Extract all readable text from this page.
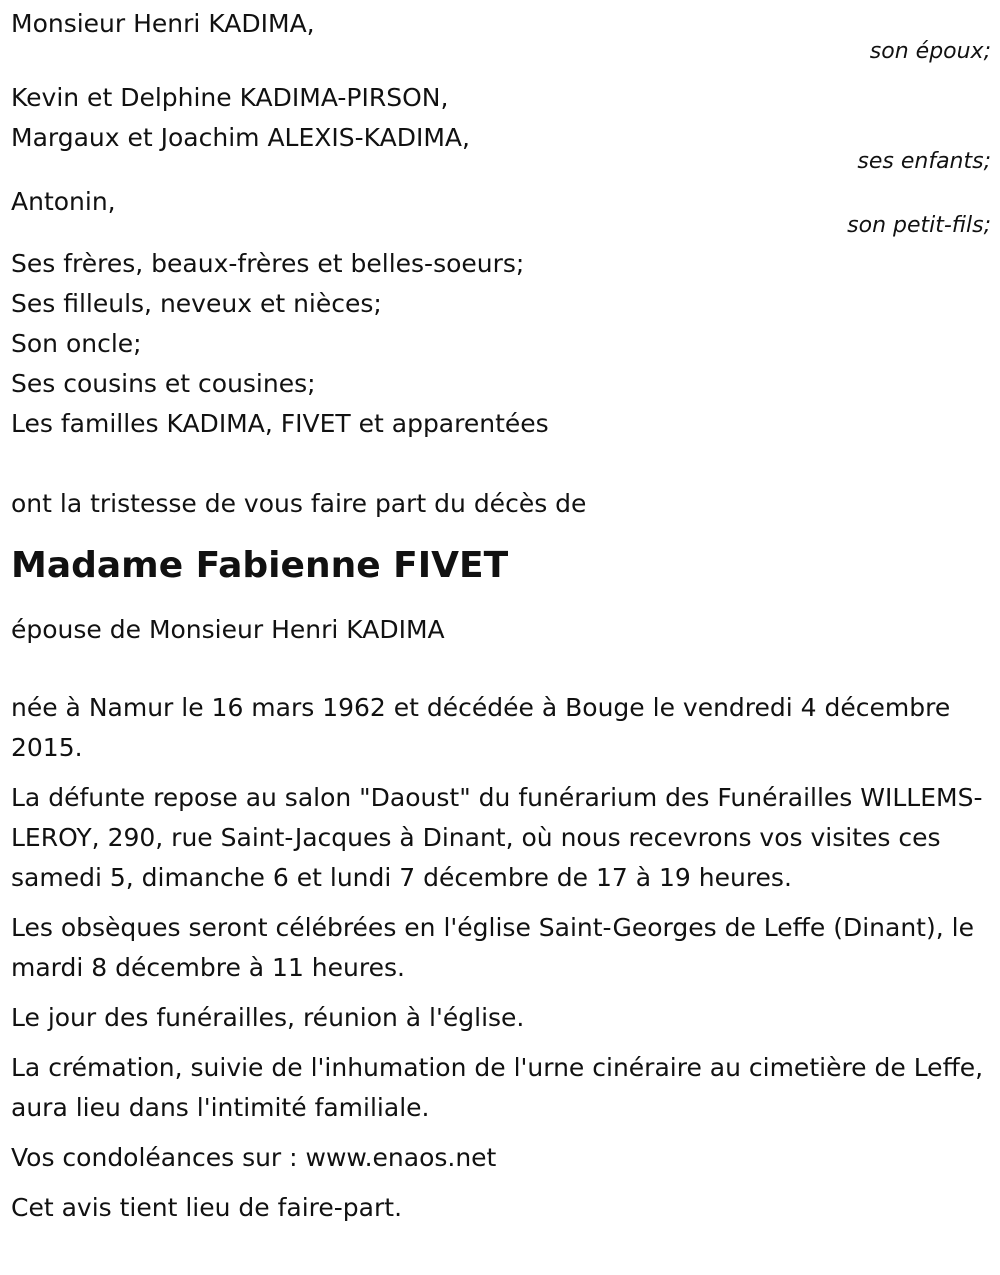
Monsieur Henri KADIMA,
son époux;
Kevin et Delphine KADIMA-PIRSON,
Margaux et Joachim ALEXIS-KADIMA,
ses enfants;
Antonin,
son petit-fils;
Ses frères, beaux-frères et belles-soeurs;
Ses filleuls, neveux et nièces;
Son oncle;
Ses cousins et cousines;
Les familles KADIMA, FIVET et apparentées
ont la tristesse de vous faire part du décès de
Madame Fabienne FIVET
épouse de Monsieur Henri KADIMA
née à Namur le 16 mars 1962 et décédée à Bouge le vendredi 4 décembre 2015.
La défunte repose au salon "Daoust" du funérarium des Funérailles WILLEMS-LEROY, 290, rue Saint-Jacques à Dinant, où nous recevrons vos visites ces samedi 5, dimanche 6 et lundi 7 décembre de 17 à 19 heures.
Les obsèques seront célébrées en l'église Saint-Georges de Leffe (Dinant), le mardi 8 décembre à 11 heures.
Le jour des funérailles, réunion à l'église.
La crémation, suivie de l'inhumation de l'urne cinéraire au cimetière de Leffe, aura lieu dans l'intimité familiale.
Vos condoléances sur : www.enaos.net
Cet avis tient lieu de faire-part.
